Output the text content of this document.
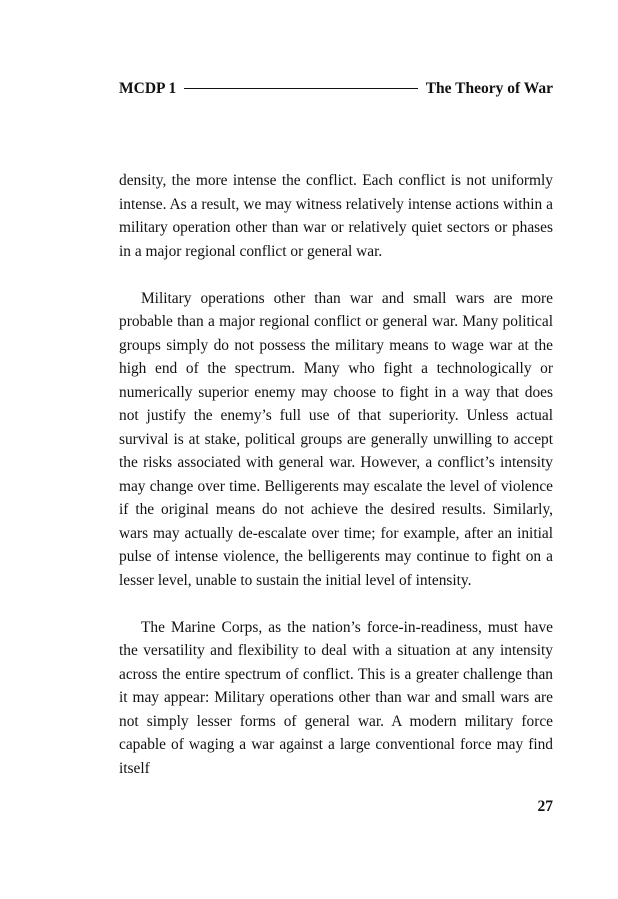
MCDP 1	The Theory of War

density, the more intense the conflict. Each conflict is not uniformly intense. As a result, we may witness relatively intense actions within a military operation other than war or relatively quiet sectors or phases in a major regional conflict or general war.

Military operations other than war and small wars are more probable than a major regional conflict or general war. Many political groups simply do not possess the military means to wage war at the high end of the spectrum. Many who fight a technologically or numerically superior enemy may choose to fight in a way that does not justify the enemy’s full use of that superiority. Unless actual survival is at stake, political groups are generally unwilling to accept the risks associated with general war. However, a conflict’s intensity may change over time. Belligerents may escalate the level of violence if the original means do not achieve the desired results. Similarly, wars may actually de-escalate over time; for example, after an initial pulse of intense violence, the belligerents may continue to fight on a lesser level, unable to sustain the initial level of intensity.

The Marine Corps, as the nation’s force-in-readiness, must have the versatility and flexibility to deal with a situation at any intensity across the entire spectrum of conflict. This is a greater challenge than it may appear: Military operations other than war and small wars are not simply lesser forms of general war. A modern military force capable of waging a war against a large conventional force may find itself

27
